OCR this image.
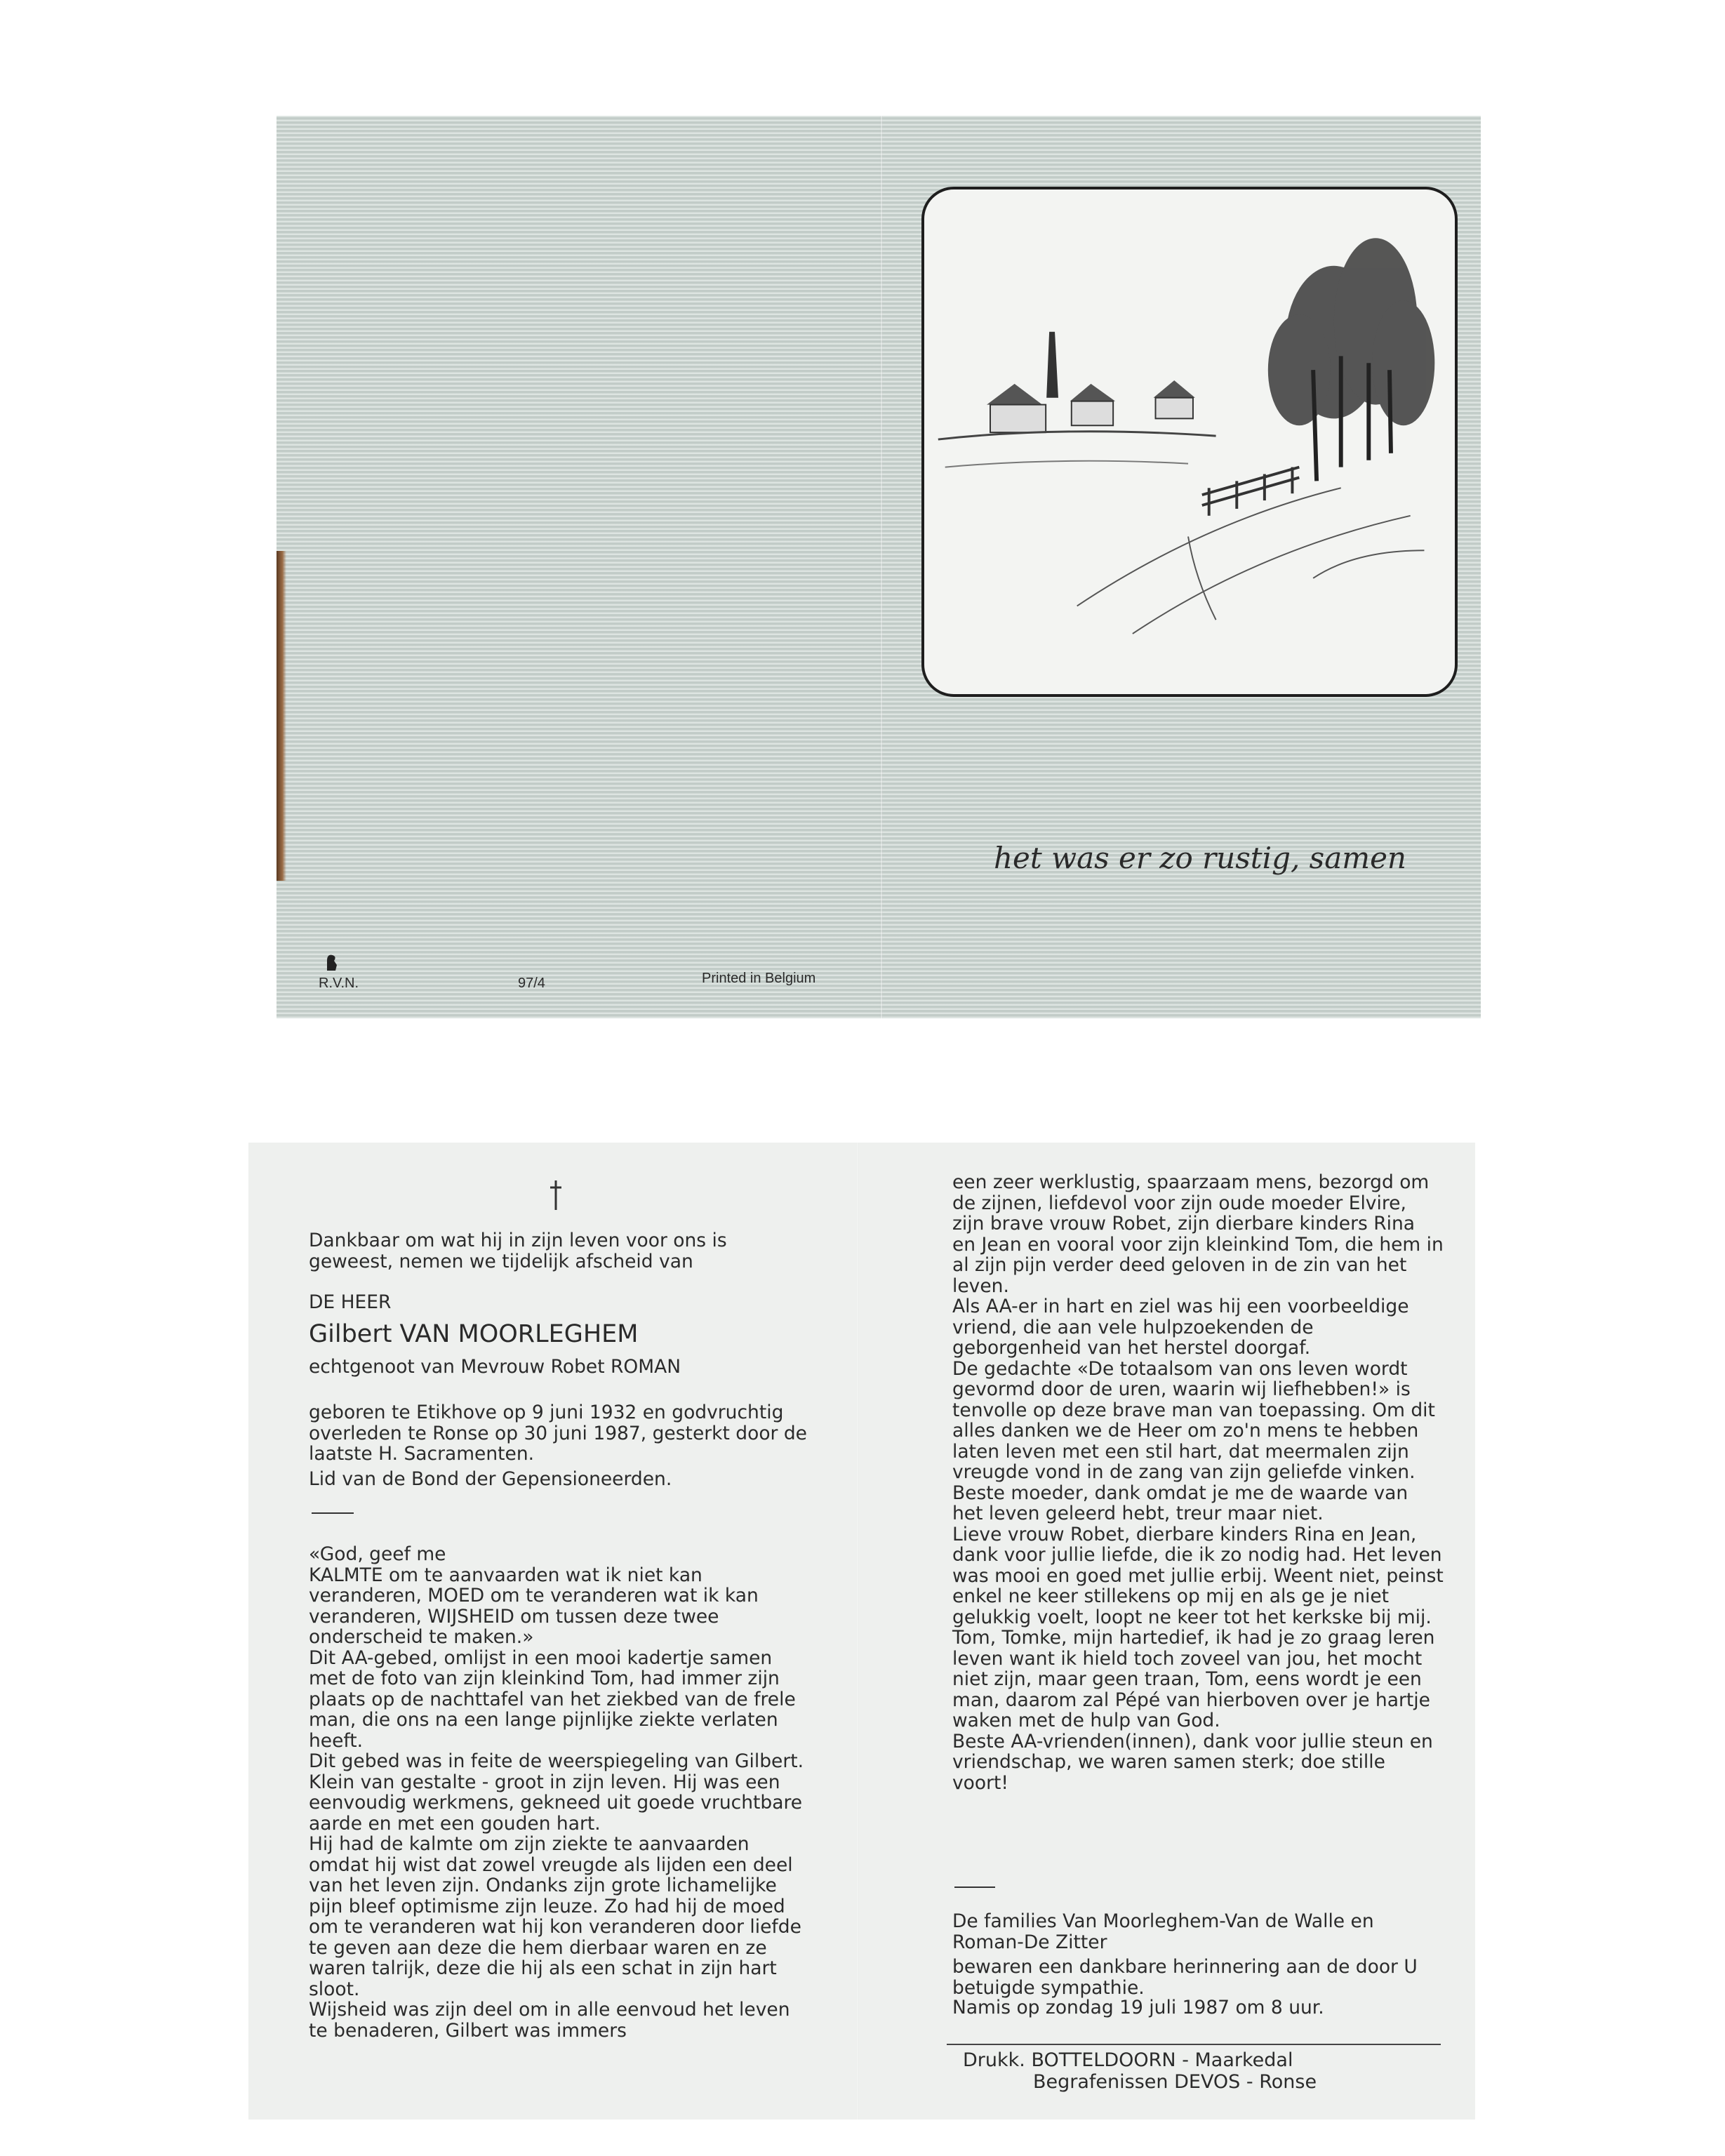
het was er zo rustig, samen
R.V.N.	97/4	Printed in Belgium
Dankbaar om wat hij in zijn leven voor ons is geweest, nemen we tijdelijk afscheid van
DE HEER
Gilbert VAN MOORLEGHEM
echtgenoot van Mevrouw Robet ROMAN
geboren te Etikhove op 9 juni 1932 en godvruchtig overleden te Ronse op 30 juni 1987, gesterkt door de laatste H. Sacramenten.
Lid van de Bond der Gepensioneerden.

«God, geef me

KALMTE om te aanvaarden wat ik niet kan veranderen, MOED om te veranderen wat ik kan veranderen, WIJSHEID om tussen deze twee onderscheid te maken.»

Dit AA-gebed, omlijst in een mooi kadertje samen met de foto van zijn kleinkind Tom, had immer zijn plaats op de nachttafel van het ziekbed van de frele man, die ons na een lange pijnlijke ziekte verlaten heeft.

Dit gebed was in feite de weerspiegeling van Gilbert. Klein van gestalte - groot in zijn leven. Hij was een eenvoudig werkmens, gekneed uit goede vruchtbare aarde en met een gouden hart.

Hij had de kalmte om zijn ziekte te aanvaarden omdat hij wist dat zowel vreugde als lijden een deel van het leven zijn. Ondanks zijn grote lichamelijke pijn bleef optimisme zijn leuze. Zo had hij de moed om te veranderen wat hij kon veranderen door liefde te geven aan deze die hem dierbaar waren en ze waren talrijk, deze die hij als een schat in zijn hart sloot.

Wijsheid was zijn deel om in alle eenvoud het leven te benaderen, Gilbert was immers

een zeer werklustig, spaarzaam mens, bezorgd om de zijnen, liefdevol voor zijn oude moeder Elvire, zijn brave vrouw Robet, zijn dierbare kinders Rina en Jean en vooral voor zijn kleinkind Tom, die hem in al zijn pijn verder deed geloven in de zin van het leven.

Als AA-er in hart en ziel was hij een voorbeeldige vriend, die aan vele hulpzoekenden de geborgenheid van het herstel doorgaf.

De gedachte «De totaalsom van ons leven wordt gevormd door de uren, waarin wij liefhebben!» is tenvolle op deze brave man van toepassing. Om dit alles danken we de Heer om zo'n mens te hebben laten leven met een stil hart, dat meermalen zijn vreugde vond in de zang van zijn geliefde vinken.

Beste moeder, dank omdat je me de waarde van het leven geleerd hebt, treur maar niet.

Lieve vrouw Robet, dierbare kinders Rina en Jean, dank voor jullie liefde, die ik zo nodig had. Het leven was mooi en goed met jullie erbij. Weent niet, peinst enkel ne keer stillekens op mij en als ge je niet gelukkig voelt, loopt ne keer tot het kerkske bij mij.

Tom, Tomke, mijn hartedief, ik had je zo graag leren leven want ik hield toch zoveel van jou, het mocht niet zijn, maar geen traan, Tom, eens wordt je een man, daarom zal Pépé van hierboven over je hartje waken met de hulp van God.

Beste AA-vrienden(innen), dank voor jullie steun en vriendschap, we waren samen sterk; doe stille voort!

De families Van Moorleghem-Van de Walle en Roman-De Zitter
bewaren een dankbare herinnering aan de door U betuigde sympathie.
Namis op zondag 19 juli 1987 om 8 uur.
Drukk. BOTTELDOORN - Maarkedal
Begrafenissen DEVOS - Ronse
